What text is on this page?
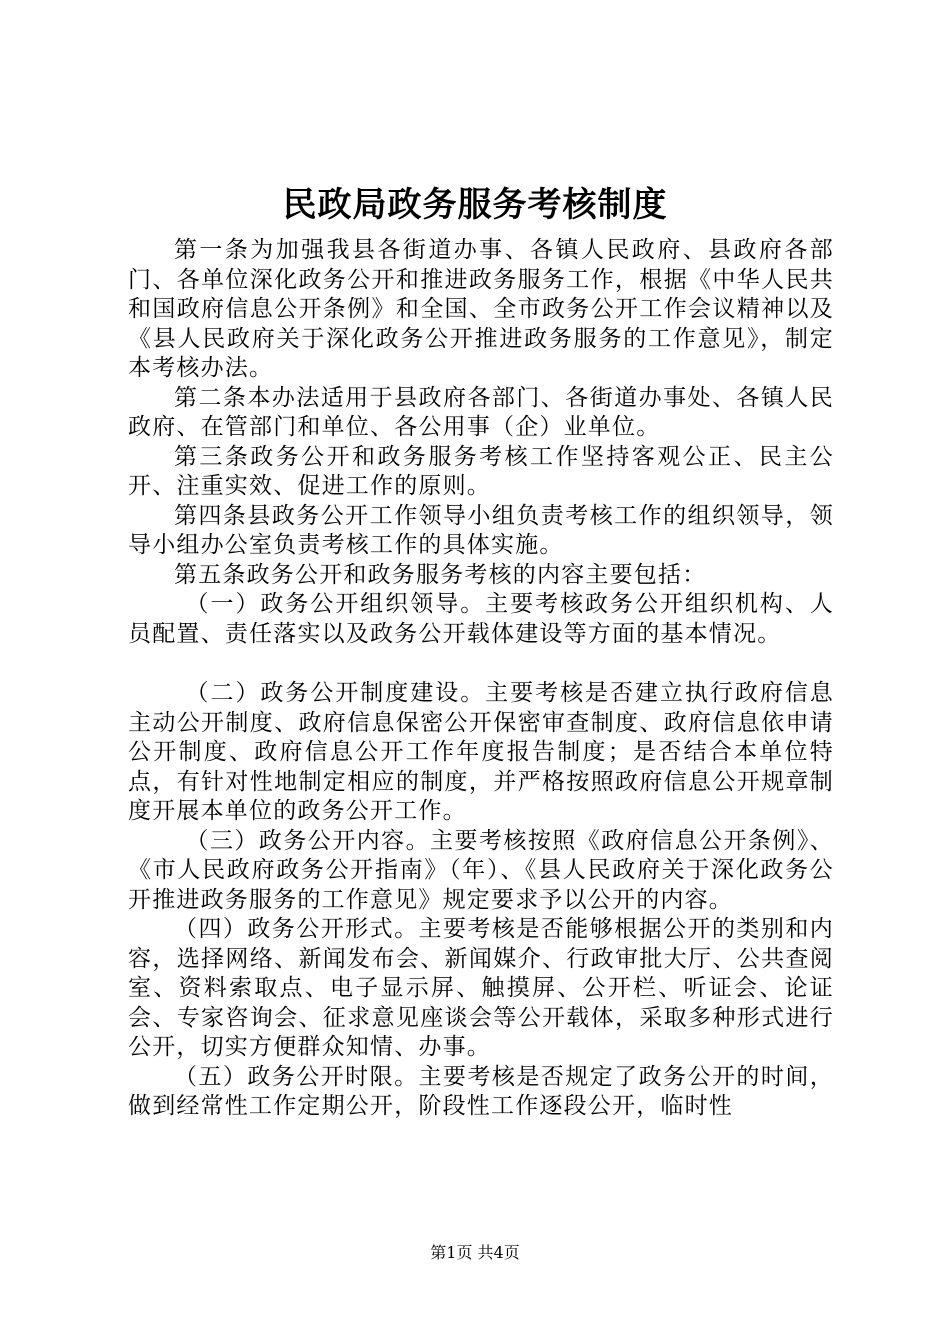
民政局政务服务考核制度

第一条为加强我县各街道办事、各镇人民政府、县政府各部门、各单位深化政务公开和推进政务服务工作，根据《中华人民共和国政府信息公开条例》和全国、全市政务公开工作会议精神以及《县人民政府关于深化政务公开推进政务服务的工作意见》，制定本考核办法。

第二条本办法适用于县政府各部门、各街道办事处、各镇人民政府、在管部门和单位、各公用事（企）业单位。

第三条政务公开和政务服务考核工作坚持客观公正、民主公开、注重实效、促进工作的原则。

第四条县政务公开工作领导小组负责考核工作的组织领导，领导小组办公室负责考核工作的具体实施。

第五条政务公开和政务服务考核的内容主要包括：

（一）政务公开组织领导。主要考核政务公开组织机构、人员配置、责任落实以及政务公开载体建设等方面的基本情况。

（二）政务公开制度建设。主要考核是否建立执行政府信息主动公开制度、政府信息保密公开保密审查制度、政府信息依申请公开制度、政府信息公开工作年度报告制度；是否结合本单位特点，有针对性地制定相应的制度，并严格按照政府信息公开规章制度开展本单位的政务公开工作。

（三）政务公开内容。主要考核按照《政府信息公开条例》、《市人民政府政务公开指南》（年）、《县人民政府关于深化政务公开推进政务服务的工作意见》规定要求予以公开的内容。

（四）政务公开形式。主要考核是否能够根据公开的类别和内容，选择网络、新闻发布会、新闻媒介、行政审批大厅、公共查阅室、资料索取点、电子显示屏、触摸屏、公开栏、听证会、论证会、专家咨询会、征求意见座谈会等公开载体，采取多种形式进行公开，切实方便群众知情、办事。

（五）政务公开时限。主要考核是否规定了政务公开的时间，做到经常性工作定期公开，阶段性工作逐段公开，临时性

第1页 共4页
